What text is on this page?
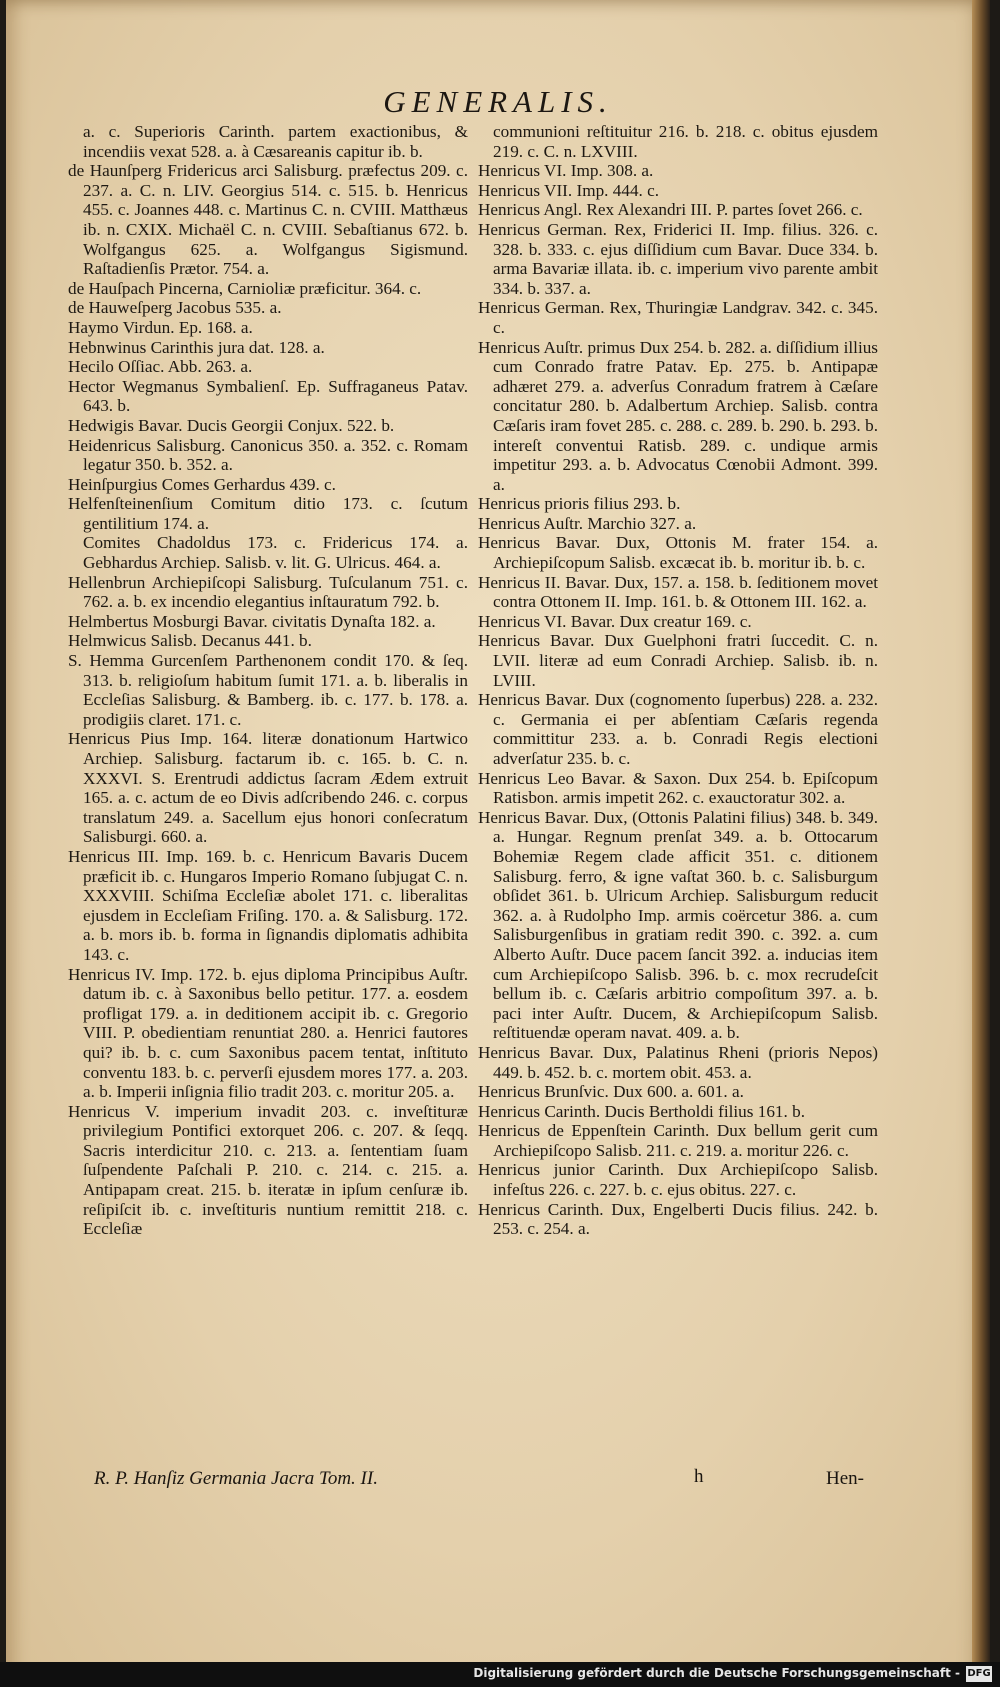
GENERALIS.

a. c. Superioris Carinth. partem exactionibus, & incendiis vexat 528. a. à Cæsareanis capitur ib. b.

de Haunſperg Fridericus arci Salisburg. præfectus 209. c. 237. a. C. n. LIV. Georgius 514. c. 515. b. Henricus 455. c. Joannes 448. c. Martinus C. n. CVIII. Matthæus ib. n. CXIX. Michaël C. n. CVIII. Sebaſtianus 672. b. Wolfgangus 625. a. Wolfgangus Sigismund. Raſtadienſis Prætor. 754. a.

de Hauſpach Pincerna, Carnioliæ præficitur. 364. c.

de Hauweſperg Jacobus 535. a.

Haymo Virdun. Ep. 168. a.

Hebnwinus Carinthis jura dat. 128. a.

Hecilo Oſſiac. Abb. 263. a.

Hector Wegmanus Symbalienſ. Ep. Suffraganeus Patav. 643. b.

Hedwigis Bavar. Ducis Georgii Conjux. 522. b.

Heidenricus Salisburg. Canonicus 350. a. 352. c. Romam legatur 350. b. 352. a.

Heinſpurgius Comes Gerhardus 439. c.

Helfenſteinenſium Comitum ditio 173. c. ſcutum gentilitium 174. a.

Comites Chadoldus 173. c. Fridericus 174. a. Gebhardus Archiep. Salisb. v. lit. G. Ulricus. 464. a.

Hellenbrun Archiepiſcopi Salisburg. Tuſculanum 751. c. 762. a. b. ex incendio elegantius inſtauratum 792. b.

Helmbertus Mosburgi Bavar. civitatis Dynaſta 182. a.

Helmwicus Salisb. Decanus 441. b.

S. Hemma Gurcenſem Parthenonem condit 170. & ſeq. 313. b. religioſum habitum ſumit 171. a. b. liberalis in Eccleſias Salisburg. & Bamberg. ib. c. 177. b. 178. a. prodigiis claret. 171. c.

Henricus Pius Imp. 164. literæ donationum Hartwico Archiep. Salisburg. factarum ib. c. 165. b. C. n. XXXVI. S. Erentrudi addictus ſacram Ædem extruit 165. a. c. actum de eo Divis adſcribendo 246. c. corpus translatum 249. a. Sacellum ejus honori conſecratum Salisburgi. 660. a.

Henricus III. Imp. 169. b. c. Henricum Bavaris Ducem præficit ib. c. Hungaros Imperio Romano ſubjugat C. n. XXXVIII. Schiſma Eccleſiæ abolet 171. c. liberalitas ejusdem in Eccleſiam Friſing. 170. a. & Salisburg. 172. a. b. mors ib. b. forma in ſignandis diplomatis adhibita 143. c.

Henricus IV. Imp. 172. b. ejus diploma Principibus Auſtr. datum ib. c. à Saxonibus bello petitur. 177. a. eosdem profligat 179. a. in deditionem accipit ib. c. Gregorio VIII. P. obedientiam renuntiat 280. a. Henrici fautores qui? ib. b. c. cum Saxonibus pacem tentat, inſtituto conventu 183. b. c. perverſi ejusdem mores 177. a. 203. a. b. Imperii inſignia filio tradit 203. c. moritur 205. a.

Henricus V. imperium invadit 203. c. inveſtituræ privilegium Pontifici extorquet 206. c. 207. & ſeqq. Sacris interdicitur 210. c. 213. a. ſententiam ſuam ſuſpendente Paſchali P. 210. c. 214. c. 215. a. Antipapam creat. 215. b. iteratæ in ipſum cenſuræ ib. reſipiſcit ib. c. inveſtituris nuntium remittit 218. c. Eccleſiæ

communioni reſtituitur 216. b. 218. c. obitus ejusdem 219. c. C. n. LXVIII.

Henricus VI. Imp. 308. a.

Henricus VII. Imp. 444. c.

Henricus Angl. Rex Alexandri III. P. partes ſovet 266. c.

Henricus German. Rex, Friderici II. Imp. filius. 326. c. 328. b. 333. c. ejus diſſidium cum Bavar. Duce 334. b. arma Bavariæ illata. ib. c. imperium vivo parente ambit 334. b. 337. a.

Henricus German. Rex, Thuringiæ Landgrav. 342. c. 345. c.

Henricus Auſtr. primus Dux 254. b. 282. a. diſſidium illius cum Conrado fratre Patav. Ep. 275. b. Antipapæ adhæret 279. a. adverſus Conradum fratrem à Cæſare concitatur 280. b. Adalbertum Archiep. Salisb. contra Cæſaris iram fovet 285. c. 288. c. 289. b. 290. b. 293. b. intereſt conventui Ratisb. 289. c. undique armis impetitur 293. a. b. Advocatus Cœnobii Admont. 399. a.

Henricus prioris filius 293. b.

Henricus Auſtr. Marchio 327. a.

Henricus Bavar. Dux, Ottonis M. frater 154. a. Archiepiſcopum Salisb. excæcat ib. b. moritur ib. b. c.

Henricus II. Bavar. Dux, 157. a. 158. b. ſeditionem movet contra Ottonem II. Imp. 161. b. & Ottonem III. 162. a.

Henricus VI. Bavar. Dux creatur 169. c.

Henricus Bavar. Dux Guelphoni fratri ſuccedit. C. n. LVII. literæ ad eum Conradi Archiep. Salisb. ib. n. LVIII.

Henricus Bavar. Dux (cognomento ſuperbus) 228. a. 232. c. Germania ei per abſentiam Cæſaris regenda committitur 233. a. b. Conradi Regis electioni adverſatur 235. b. c.

Henricus Leo Bavar. & Saxon. Dux 254. b. Epiſcopum Ratisbon. armis impetit 262. c. exauctoratur 302. a.

Henricus Bavar. Dux, (Ottonis Palatini filius) 348. b. 349. a. Hungar. Regnum prenſat 349. a. b. Ottocarum Bohemiæ Regem clade afficit 351. c. ditionem Salisburg. ferro, & igne vaſtat 360. b. c. Salisburgum obſidet 361. b. Ulricum Archiep. Salisburgum reducit 362. a. à Rudolpho Imp. armis coërcetur 386. a. cum Salisburgenſibus in gratiam redit 390. c. 392. a. cum Alberto Auſtr. Duce pacem ſancit 392. a. inducias item cum Archiepiſcopo Salisb. 396. b. c. mox recrudeſcit bellum ib. c. Cæſaris arbitrio compoſitum 397. a. b. paci inter Auſtr. Ducem, & Archiepiſcopum Salisb. reſtituendæ operam navat. 409. a. b.

Henricus Bavar. Dux, Palatinus Rheni (prioris Nepos) 449. b. 452. b. c. mortem obit. 453. a.

Henricus Brunſvic. Dux 600. a. 601. a.

Henricus Carinth. Ducis Bertholdi filius 161. b.

Henricus de Eppenſtein Carinth. Dux bellum gerit cum Archiepiſcopo Salisb. 211. c. 219. a. moritur 226. c.

Henricus junior Carinth. Dux Archiepiſcopo Salisb. infeſtus 226. c. 227. b. c. ejus obitus. 227. c.

Henricus Carinth. Dux, Engelberti Ducis filius. 242. b. 253. c. 254. a.

R. P. Hanſiz Germania Jacra Tom. II.	h	Hen-
Digitalisierung gefördert durch die Deutsche Forschungsgemeinschaft - DFG
